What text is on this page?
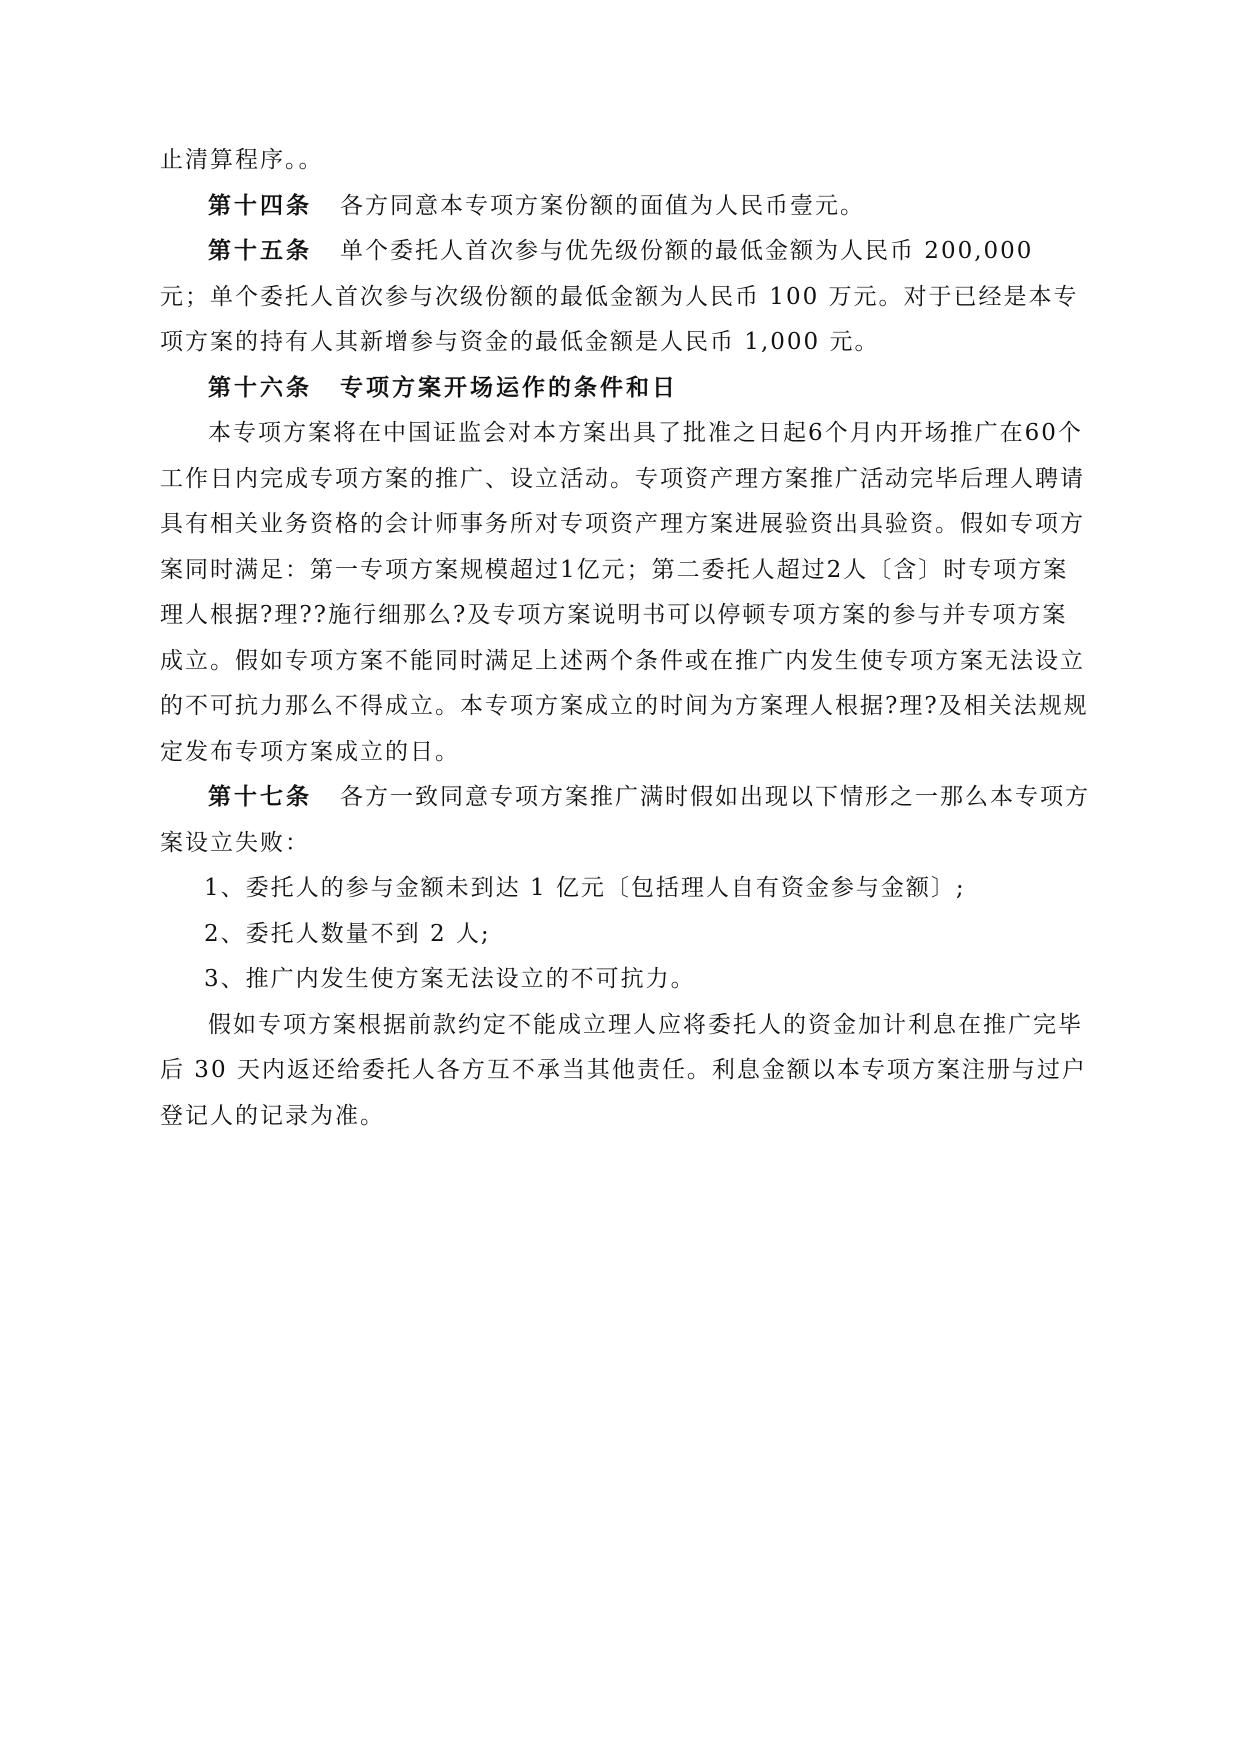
止清算程序。。

第十四条 各方同意本专项方案份额的面值为人民币壹元。

第十五条 单个委托人首次参与优先级份额的最低金额为人民币 200,000 元；单个委托人首次参与次级份额的最低金额为人民币 100 万元。对于已经是本专项方案的持有人其新增参与资金的最低金额是人民币 1,000 元。

第十六条 专项方案开场运作的条件和日

本专项方案将在中国证监会对本方案出具了批准之日起6个月内开场推广在60个工作日内完成专项方案的推广、设立活动。专项资产理方案推广活动完毕后理人聘请具有相关业务资格的会计师事务所对专项资产理方案进展验资出具验资。假如专项方案同时满足：第一专项方案规模超过1亿元；第二委托人超过2人〔含〕时专项方案理人根据?理??施行细那么?及专项方案说明书可以停顿专项方案的参与并专项方案成立。假如专项方案不能同时满足上述两个条件或在推广内发生使专项方案无法设立的不可抗力那么不得成立。本专项方案成立的时间为方案理人根据?理?及相关法规规定发布专项方案成立的日。

第十七条 各方一致同意专项方案推广满时假如出现以下情形之一那么本专项方案设立失败：

1、委托人的参与金额未到达 1 亿元〔包括理人自有资金参与金额〕;

2、委托人数量不到 2 人;

3、推广内发生使方案无法设立的不可抗力。

假如专项方案根据前款约定不能成立理人应将委托人的资金加计利息在推广完毕后 30 天内返还给委托人各方互不承当其他责任。利息金额以本专项方案注册与过户登记人的记录为准。
